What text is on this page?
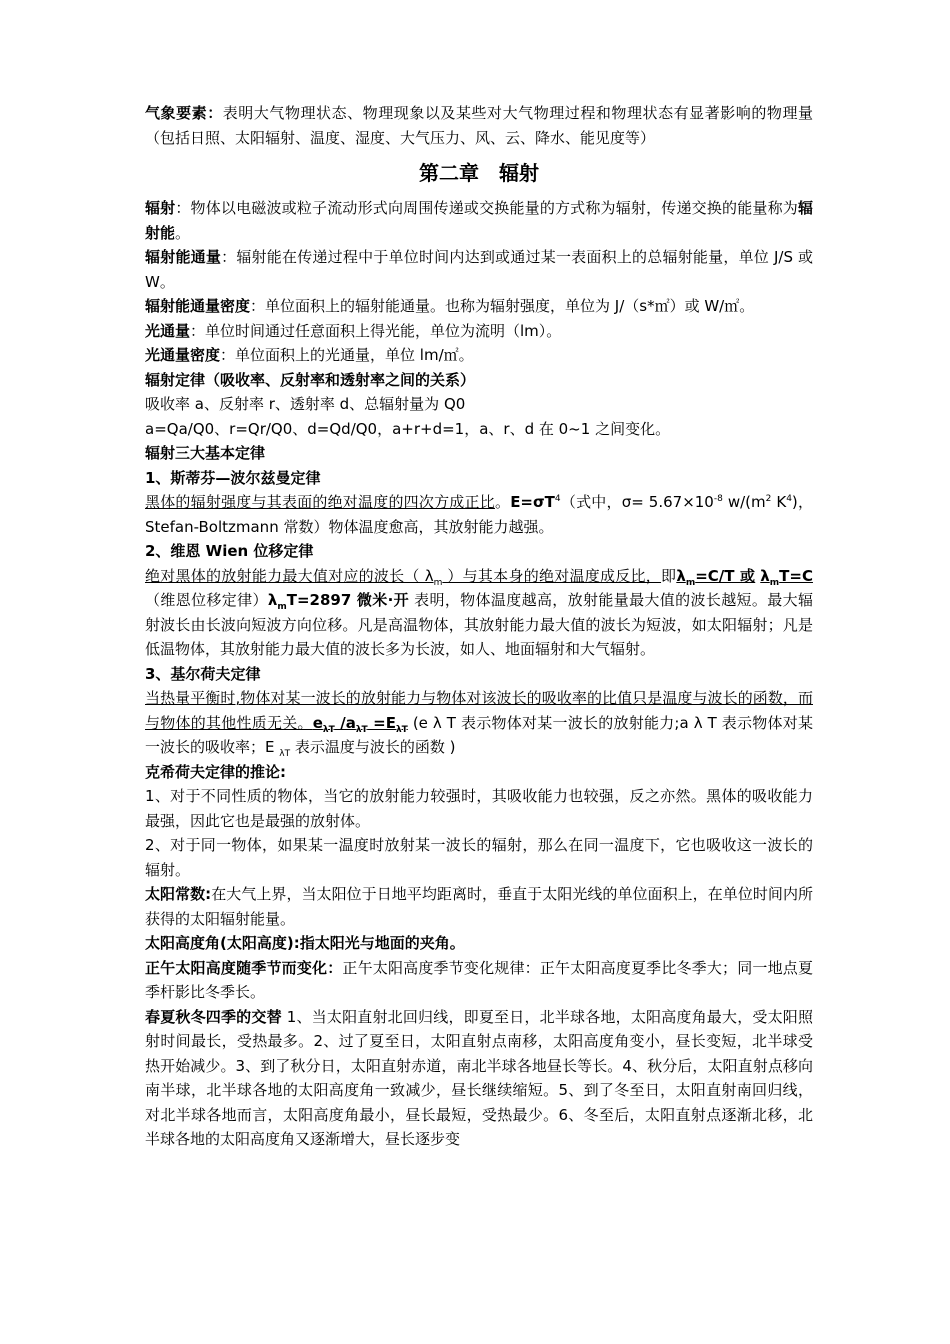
气象要素：表明大气物理状态、物理现象以及某些对大气物理过程和物理状态有显著影响的物理量（包括日照、太阳辐射、温度、湿度、大气压力、风、云、降水、能见度等）

第二章 辐射

辐射：物体以电磁波或粒子流动形式向周围传递或交换能量的方式称为辐射，传递交换的能量称为辐射能。

辐射能通量：辐射能在传递过程中于单位时间内达到或通过某一表面积上的总辐射能量，单位 J/S 或 W。

辐射能通量密度：单位面积上的辐射能通量。也称为辐射强度，单位为 J/（s*㎡）或 W/㎡。

光通量：单位时间通过任意面积上得光能，单位为流明（lm）。

光通量密度：单位面积上的光通量，单位 lm/㎡。

辐射定律（吸收率、反射率和透射率之间的关系）

吸收率 a、反射率 r、透射率 d、总辐射量为 Q0

a=Qa/Q0、r=Qr/Q0、d=Qd/Q0，a+r+d=1，a、r、d 在 0~1 之间变化。

辐射三大基本定律

1、斯蒂芬—波尔兹曼定律

黑体的辐射强度与其表面的绝对温度的四次方成正比。$E=\sigma T^4$（式中，$\sigma= 5.67\times 10^{-8}$ $w/(m^2$ $K^4$)，Stefan-Boltzmann 常数）物体温度愈高，其放射能力越强。

2、维恩 Wien 位移定律

绝对黑体的放射能力最大值对应的波长（ $\lambda_m$ ）与其本身的绝对温度成反比，即$\lambda_m=C/T$ 或 $\lambda_mT=C$（维恩位移定律）$\lambda_mT=2897$ 微米·开 表明，物体温度越高，放射能量最大值的波长越短。最大辐射波长由长波向短波方向位移。凡是高温物体，其放射能力最大值的波长为短波，如太阳辐射；凡是低温物体，其放射能力最大值的波长多为长波，如人、地面辐射和大气辐射。

3、基尔荷夫定律

当热量平衡时,物体对某一波长的放射能力与物体对该波长的吸收率的比值只是温度与波长的函数，而与物体的其他性质无关。$e_{\lambda T}$ $/a_{\lambda T} =E_{\lambda T}$ (e λ T 表示物体对某一波长的放射能力;a λ T 表示物体对某一波长的吸收率；E $_{\lambda T}$ 表示温度与波长的函数 )

克希荷夫定律的推论:

1、对于不同性质的物体，当它的放射能力较强时，其吸收能力也较强，反之亦然。黑体的吸收能力最强，因此它也是最强的放射体。

2、对于同一物体，如果某一温度时放射某一波长的辐射，那么在同一温度下，它也吸收这一波长的辐射。

太阳常数:在大气上界，当太阳位于日地平均距离时，垂直于太阳光线的单位面积上，在单位时间内所获得的太阳辐射能量。

太阳高度角(太阳高度):指太阳光与地面的夹角。

正午太阳高度随季节而变化：正午太阳高度季节变化规律：正午太阳高度夏季比冬季大；同一地点夏季杆影比冬季长。

春夏秋冬四季的交替 1、当太阳直射北回归线，即夏至日，北半球各地，太阳高度角最大，受太阳照射时间最长，受热最多。2、过了夏至日，太阳直射点南移，太阳高度角变小，昼长变短，北半球受热开始减少。3、到了秋分日，太阳直射赤道，南北半球各地昼长等长。4、秋分后，太阳直射点移向南半球，北半球各地的太阳高度角一致减少，昼长继续缩短。5、到了冬至日，太阳直射南回归线，对北半球各地而言，太阳高度角最小，昼长最短，受热最少。6、冬至后，太阳直射点逐渐北移，北半球各地的太阳高度角又逐渐增大，昼长逐步变
